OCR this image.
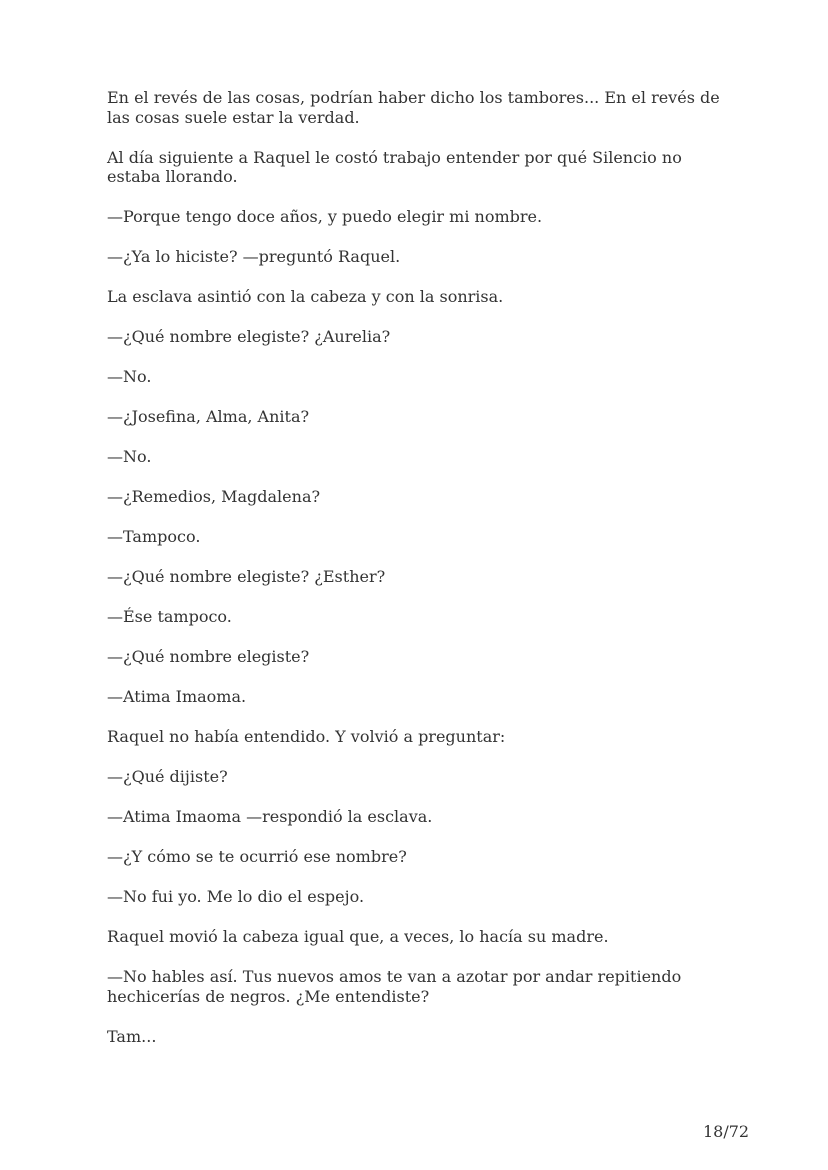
En el revés de las cosas, podrían haber dicho los tambores... En el revés de las cosas suele estar la verdad.

Al día siguiente a Raquel le costó trabajo entender por qué Silencio no estaba llorando.

—Porque tengo doce años, y puedo elegir mi nombre.

—¿Ya lo hiciste? —preguntó Raquel.

La esclava asintió con la cabeza y con la sonrisa.

—¿Qué nombre elegiste? ¿Aurelia?

—No.

—¿Josefina, Alma, Anita?

—No.

—¿Remedios, Magdalena?

—Tampoco.

—¿Qué nombre elegiste? ¿Esther?

—Ése tampoco.

—¿Qué nombre elegiste?

—Atima Imaoma.

Raquel no había entendido. Y volvió a preguntar:

—¿Qué dijiste?

—Atima Imaoma —respondió la esclava.

—¿Y cómo se te ocurrió ese nombre?

—No fui yo. Me lo dio el espejo.

Raquel movió la cabeza igual que, a veces, lo hacía su madre.

—No hables así. Tus nuevos amos te van a azotar por andar repitiendo hechicerías de negros. ¿Me entendiste?

Tam...

18/72
